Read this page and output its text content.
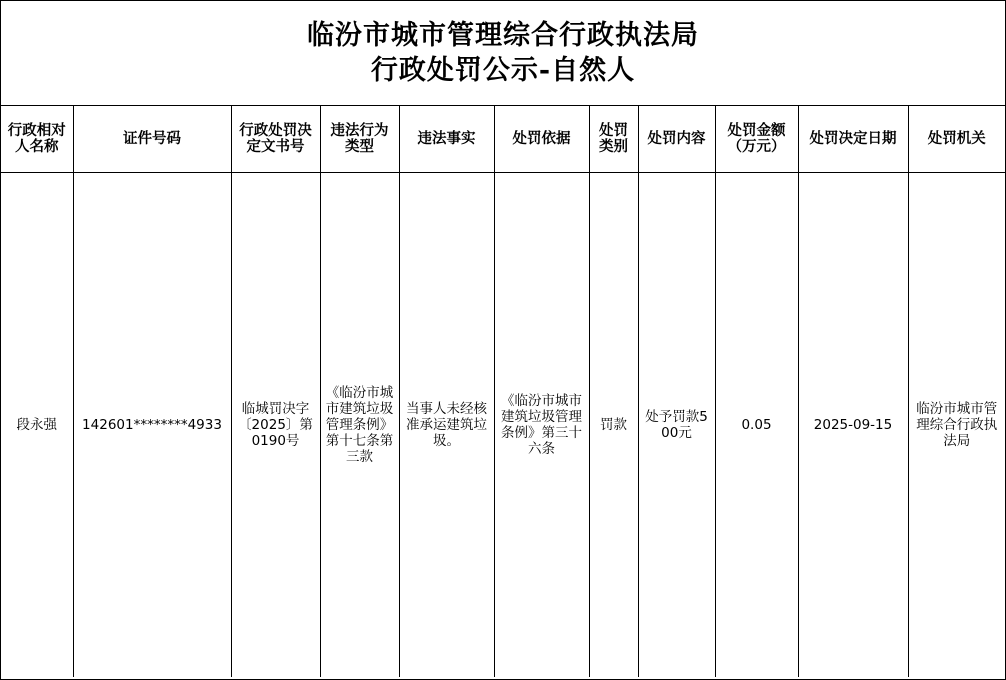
临汾市城市管理综合行政执法局
行政处罚公示-自然人
行政相对人名称	证件号码	行政处罚决定文书号	违法行为类型	违法事实	处罚依据	处罚类别	处罚内容	处罚金额（万元）	处罚决定日期	处罚机关
段永强	142601********4933	临城罚决字〔2025〕第0190号	《临汾市城市建筑垃圾管理条例》第十七条第三款	当事人未经核准承运建筑垃圾。	《临汾市城市建筑垃圾管理条例》第三十六条	罚款	处予罚款500元	0.05	2025-09-15	临汾市城市管理综合行政执法局
